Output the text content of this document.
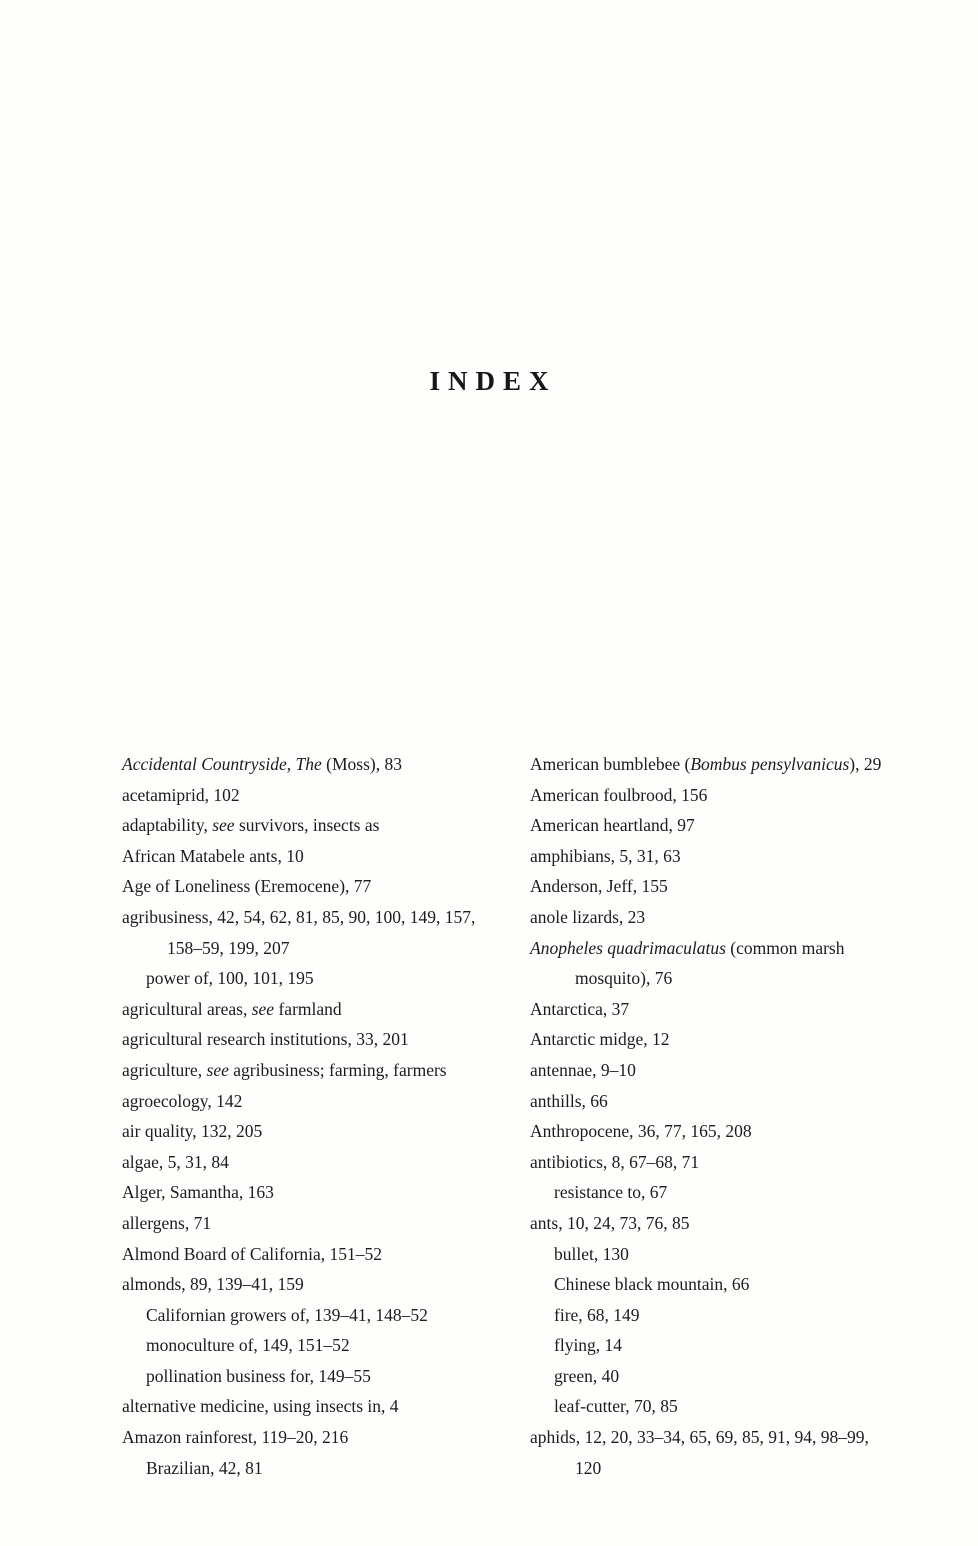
INDEX
Accidental Countryside, The (Moss), 83
acetamiprid, 102
adaptability, see survivors, insects as
African Matabele ants, 10
Age of Loneliness (Eremocene), 77
agribusiness, 42, 54, 62, 81, 85, 90, 100, 149, 157,
158–59, 199, 207
power of, 100, 101, 195
agricultural areas, see farmland
agricultural research institutions, 33, 201
agriculture, see agribusiness; farming, farmers
agroecology, 142
air quality, 132, 205
algae, 5, 31, 84
Alger, Samantha, 163
allergens, 71
Almond Board of California, 151–52
almonds, 89, 139–41, 159
Californian growers of, 139–41, 148–52
monoculture of, 149, 151–52
pollination business for, 149–55
alternative medicine, using insects in, 4
Amazon rainforest, 119–20, 216
Brazilian, 42, 81
American bumblebee (Bombus pensylvanicus), 29
American foulbrood, 156
American heartland, 97
amphibians, 5, 31, 63
Anderson, Jeff, 155
anole lizards, 23
Anopheles quadrimaculatus (common marsh
mosquito), 76
Antarctica, 37
Antarctic midge, 12
antennae, 9–10
anthills, 66
Anthropocene, 36, 77, 165, 208
antibiotics, 8, 67–68, 71
resistance to, 67
ants, 10, 24, 73, 76, 85
bullet, 130
Chinese black mountain, 66
fire, 68, 149
flying, 14
green, 40
leaf-cutter, 70, 85
aphids, 12, 20, 33–34, 65, 69, 85, 91, 94, 98–99,
120
